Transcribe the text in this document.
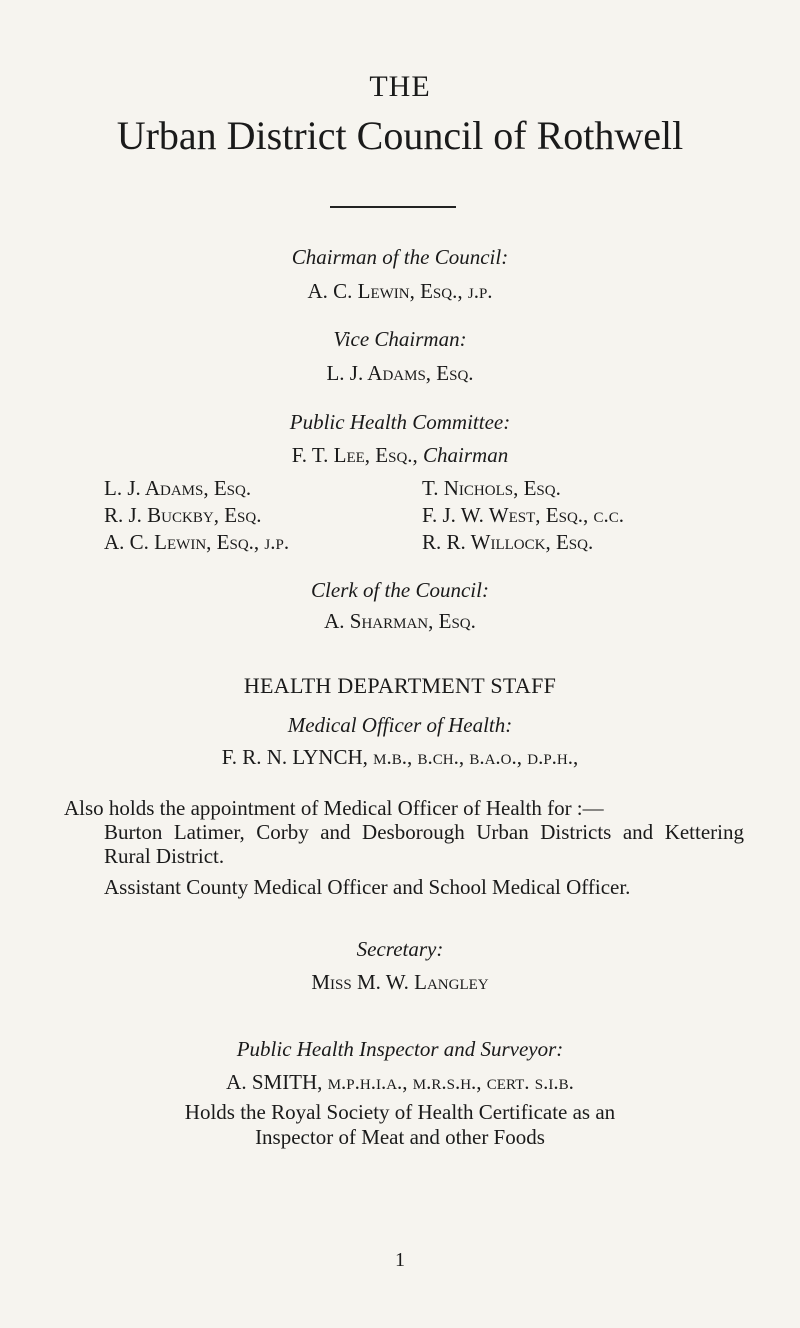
THE
Urban District Council of Rothwell
Chairman of the Council:
A. C. Lewin, Esq., j.p.
Vice Chairman:
L. J. Adams, Esq.
Public Health Committee:
F. T. Lee, Esq., Chairman
L. J. Adams, Esq.	T. Nichols, Esq.
R. J. Buckby, Esq.	F. J. W. West, Esq., c.c.
A. C. Lewin, Esq., j.p.	R. R. Willock, Esq.
Clerk of the Council:
A. Sharman, Esq.
HEALTH DEPARTMENT STAFF
Medical Officer of Health:
F. R. N. LYNCH, m.b., b.ch., b.a.o., d.p.h.,
Also holds the appointment of Medical Officer of Health for :—
Burton Latimer, Corby and Desborough Urban Districts and Kettering Rural District.
Assistant County Medical Officer and School Medical Officer.
Secretary:
Miss M. W. Langley
Public Health Inspector and Surveyor:
A. SMITH, m.p.h.i.a., m.r.s.h., cert. s.i.b.
Holds the Royal Society of Health Certificate as an
Inspector of Meat and other Foods
1
